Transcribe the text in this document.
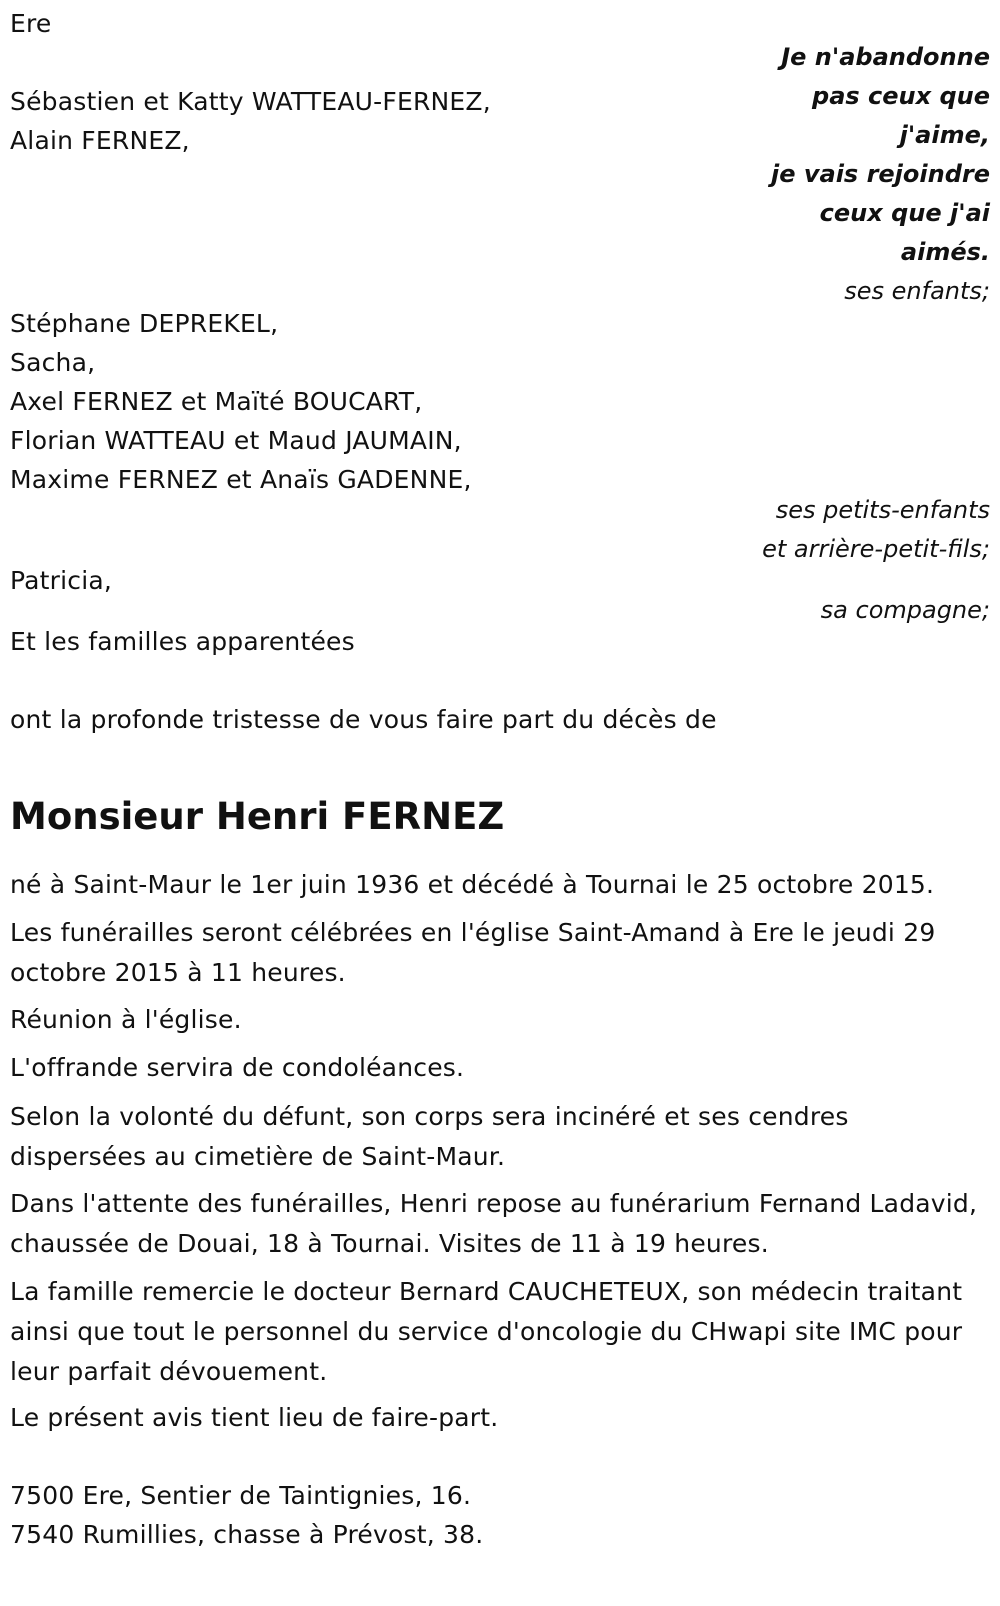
Ere
Je n'abandonne
pas ceux que
j'aime,
je vais rejoindre
ceux que j'ai
aimés.
Sébastien et Katty WATTEAU-FERNEZ,
Alain FERNEZ,
ses enfants;
Stéphane DEPREKEL,
Sacha,
Axel FERNEZ et Maïté BOUCART,
Florian WATTEAU et Maud JAUMAIN,
Maxime FERNEZ et Anaïs GADENNE,
ses petits-enfants
et arrière-petit-fils;
Patricia,
sa compagne;
Et les familles apparentées
ont la profonde tristesse de vous faire part du décès de
Monsieur Henri FERNEZ
né à Saint-Maur le 1er juin 1936 et décédé à Tournai le 25 octobre 2015.
Les funérailles seront célébrées en l'église Saint-Amand à Ere le jeudi 29 octobre 2015 à 11 heures.
Réunion à l'église.
L'offrande servira de condoléances.
Selon la volonté du défunt, son corps sera incinéré et ses cendres dispersées au cimetière de Saint-Maur.
Dans l'attente des funérailles, Henri repose au funérarium Fernand Ladavid, chaussée de Douai, 18 à Tournai. Visites de 11 à 19 heures.
La famille remercie le docteur Bernard CAUCHETEUX, son médecin traitant ainsi que tout le personnel du service d'oncologie du CHwapi site IMC pour leur parfait dévouement.
Le présent avis tient lieu de faire-part.
7500 Ere, Sentier de Taintignies, 16.
7540 Rumillies, chasse à Prévost, 38.
